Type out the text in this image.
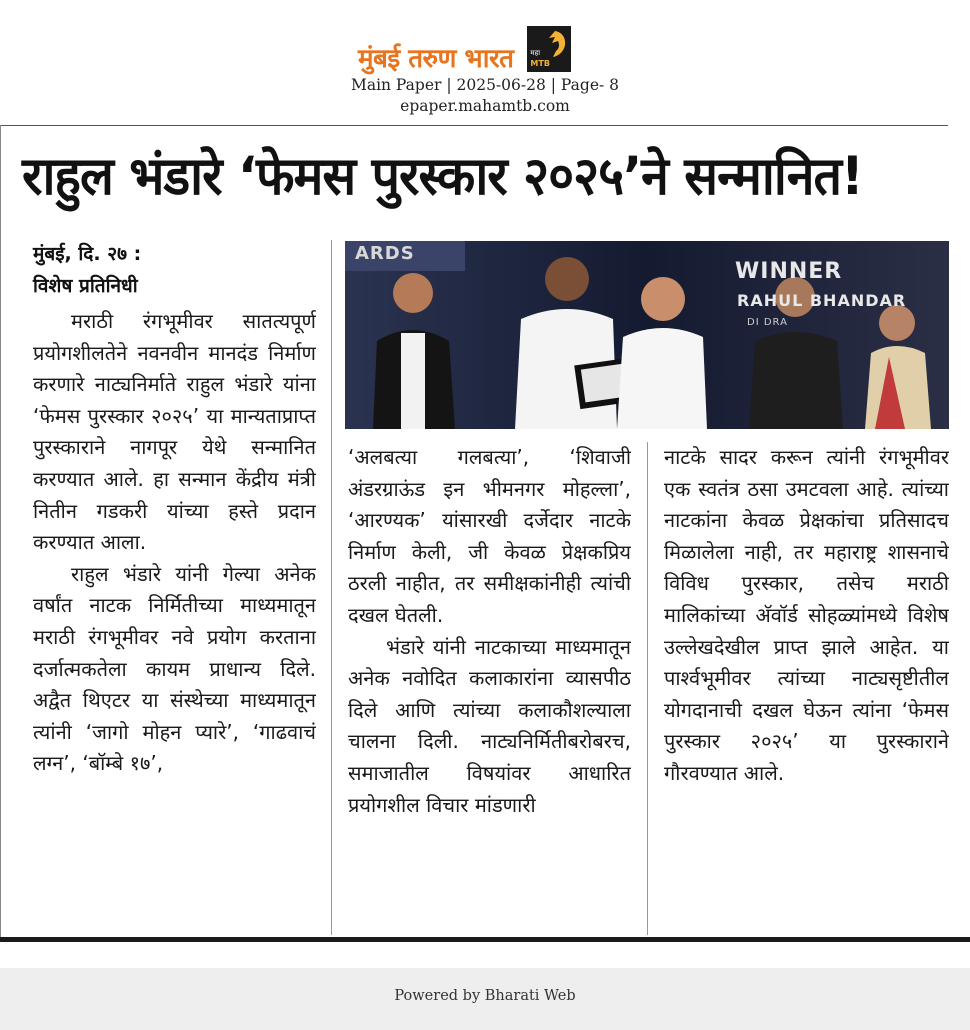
मुंबई तरुण भारत महा
MTB
Main Paper | 2025-06-28 | Page- 8
epaper.mahamtb.com
राहुल भंडारे ‘फेमस पुरस्कार २०२५’ने सन्मानित!
मुंबई, दि. २७ :
विशेष प्रतिनिधी

मराठी रंगभूमीवर सातत्यपूर्ण प्रयोगशीलतेने नवनवीन मानदंड निर्माण करणारे नाट्यनिर्माते राहुल भंडारे यांना ‘फेमस पुरस्कार २०२५’ या मान्यताप्राप्त पुरस्काराने नागपूर येथे सन्मानित करण्यात आले. हा सन्मान केंद्रीय मंत्री नितीन गडकरी यांच्या हस्ते प्रदान करण्यात आला.

राहुल भंडारे यांनी गेल्या अनेक वर्षांत नाटक निर्मितीच्या माध्यमातून मराठी रंगभूमीवर नवे प्रयोग करताना दर्जात्मकतेला कायम प्राधान्य दिले. अद्वैत थिएटर या संस्थेच्या माध्यमातून त्यांनी ‘जागो मोहन प्यारे’, ‘गाढवाचं लग्न’, ‘बॉम्बे १७’,

ARDS
WINNER
RAHUL BHANDAR
DI DRA

‘अलबत्या गलबत्या’, ‘शिवाजी अंडरग्राऊंड इन भीमनगर मोहल्ला’, ‘आरण्यक’ यांसारखी दर्जेदार नाटके निर्माण केली, जी केवळ प्रेक्षकप्रिय ठरली नाहीत, तर समीक्षकांनीही त्यांची दखल घेतली.

भंडारे यांनी नाटकाच्या माध्यमातून अनेक नवोदित कलाकारांना व्यासपीठ दिले आणि त्यांच्या कलाकौशल्याला चालना दिली. नाट्यनिर्मितीबरोबरच, समाजातील विषयांवर आधारित प्रयोगशील विचार मांडणारी

नाटके सादर करून त्यांनी रंगभूमीवर एक स्वतंत्र ठसा उमटवला आहे. त्यांच्या नाटकांना केवळ प्रेक्षकांचा प्रतिसादच मिळालेला नाही, तर महाराष्ट्र शासनाचे विविध पुरस्कार, तसेच मराठी मालिकांच्या अ‍ॅवॉर्ड सोहळ्यांमध्ये विशेष उल्लेखदेखील प्राप्त झाले आहेत. या पार्श्वभूमीवर त्यांच्या नाट्यसृष्टीतील योगदानाची दखल घेऊन त्यांना ‘फेमस पुरस्कार २०२५’ या पुरस्काराने गौरवण्यात आले.

Powered by Bharati Web
